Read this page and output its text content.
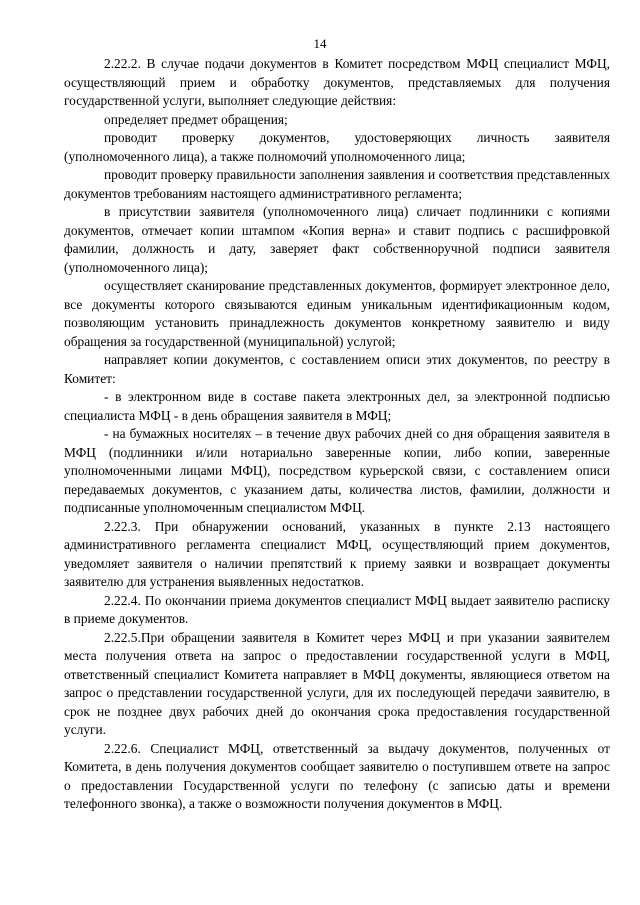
14

2.22.2. В случае подачи документов в Комитет посредством МФЦ специалист МФЦ, осуществляющий прием и обработку документов, представляемых для получения государственной услуги, выполняет следующие действия:

определяет предмет обращения;

проводит проверку документов, удостоверяющих личность заявителя (уполномоченного лица), а также полномочий уполномоченного лица;

проводит проверку правильности заполнения заявления и соответствия представленных документов требованиям настоящего административного регламента;

в присутствии заявителя (уполномоченного лица) сличает подлинники с копиями документов, отмечает копии штампом «Копия верна» и ставит подпись с расшифровкой фамилии, должность и дату, заверяет факт собственноручной подписи заявителя (уполномоченного лица);

осуществляет сканирование представленных документов, формирует электронное дело, все документы которого связываются единым уникальным идентификационным кодом, позволяющим установить принадлежность документов конкретному заявителю и виду обращения за государственной (муниципальной) услугой;

направляет копии документов, с составлением описи этих документов, по реестру в Комитет:

- в электронном виде в составе пакета электронных дел, за электронной подписью специалиста МФЦ - в день обращения заявителя в МФЦ;

- на бумажных носителях – в течение двух рабочих дней со дня обращения заявителя в МФЦ (подлинники и/или нотариально заверенные копии, либо копии, заверенные уполномоченными лицами МФЦ), посредством курьерской связи, с составлением описи передаваемых документов, с указанием даты, количества листов, фамилии, должности и подписанные уполномоченным специалистом МФЦ.

2.22.3. При обнаружении оснований, указанных в пункте 2.13 настоящего административного регламента специалист МФЦ, осуществляющий прием документов, уведомляет заявителя о наличии препятствий к приему заявки и возвращает документы заявителю для устранения выявленных недостатков.

2.22.4. По окончании приема документов специалист МФЦ выдает заявителю расписку в приеме документов.

2.22.5.При обращении заявителя в Комитет через МФЦ и при указании заявителем места получения ответа на запрос о предоставлении государственной услуги в МФЦ, ответственный специалист Комитета направляет в МФЦ документы, являющиеся ответом на запрос о представлении государственной услуги, для их последующей передачи заявителю, в срок не позднее двух рабочих дней до окончания срока предоставления государственной услуги.

2.22.6. Специалист МФЦ, ответственный за выдачу документов, полученных от Комитета, в день получения документов сообщает заявителю о поступившем ответе на запрос о предоставлении Государственной услуги по телефону (с записью даты и времени телефонного звонка), а также о возможности получения документов в МФЦ.
